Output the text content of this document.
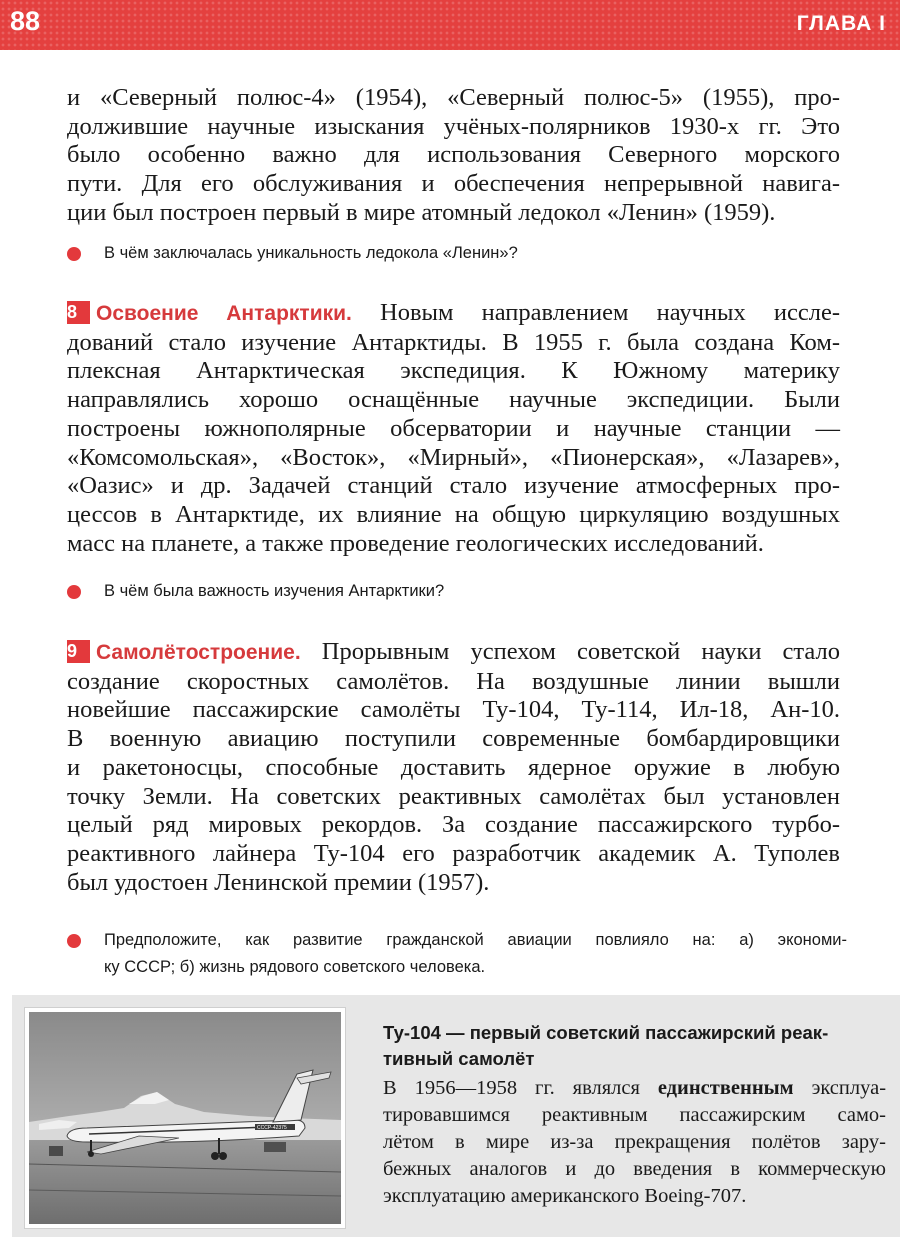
88	ГЛАВА I
и «Северный полюс-4» (1954), «Северный полюс-5» (1955), про-
должившие научные изыскания учёных-полярников 1930-х гг. Это
было особенно важно для использования Северного морского
пути. Для его обслуживания и обеспечения непрерывной навига-
ции был построен первый в мире атомный ледокол «Ленин» (1959).
В чём заключалась уникальность ледокола «Ленин»?
8 Освоение Антарктики. Новым направлением научных иссле-
дований стало изучение Антарктиды. В 1955 г. была создана Ком-
плексная Антарктическая экспедиция. К Южному материку
направлялись хорошо оснащённые научные экспедиции. Были
построены южнополярные обсерватории и научные станции —
«Комсомольская», «Восток», «Мирный», «Пионерская», «Лазарев»,
«Оазис» и др. Задачей станций стало изучение атмосферных про-
цессов в Антарктиде, их влияние на общую циркуляцию воздушных
масс на планете, а также проведение геологических исследований.
В чём была важность изучения Антарктики?
9 Самолётостроение. Прорывным успехом советской науки стало
создание скоростных самолётов. На воздушные линии вышли
новейшие пассажирские самолёты Ту-104, Ту-114, Ил-18, Ан-10.
В военную авиацию поступили современные бомбардировщики
и ракетоносцы, способные доставить ядерное оружие в любую
точку Земли. На советских реактивных самолётах был установлен
целый ряд мировых рекордов. За создание пассажирского турбо-
реактивного лайнера Ту-104 его разработчик академик А. Туполев
был удостоен Ленинской премии (1957).
Предположите, как развитие гражданской авиации повлияло на: а) экономи-
ку СССР; б) жизнь рядового советского человека.
СССР-42375
Ту-104 — первый советский пассажирский реак-
тивный самолёт
В 1956—1958 гг. являлся единственным эксплуа-
тировавшимся реактивным пассажирским само-
лётом в мире из-за прекращения полётов зару-
бежных аналогов и до введения в коммерческую
эксплуатацию американского Boeing-707.
